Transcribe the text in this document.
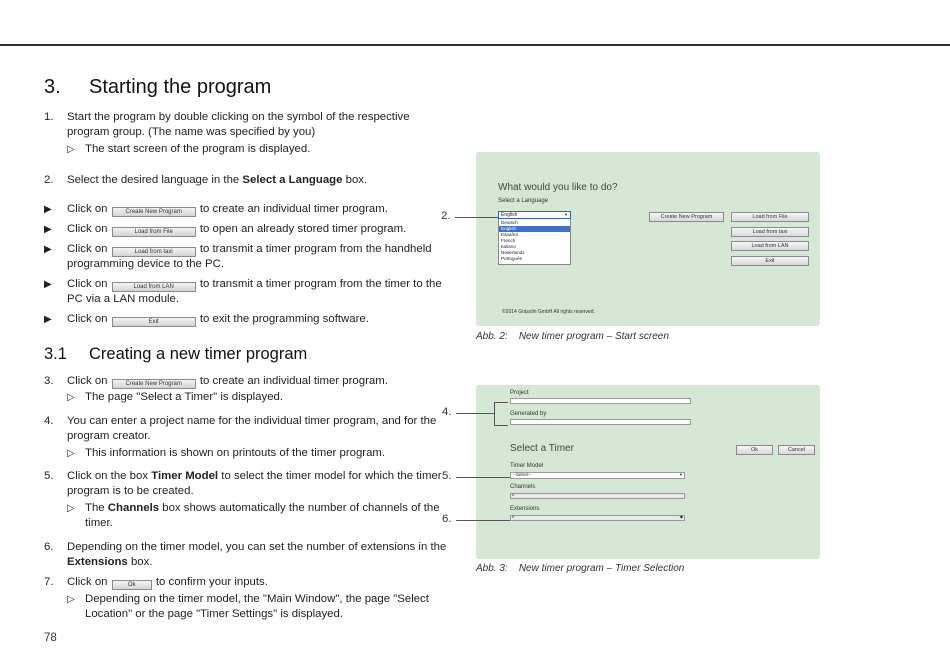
3. Starting the program
1. Start the program by double clicking on the symbol of the respective
program group. (The name was specified by you)
▷ The start screen of the program is displayed.
2. Select the desired language in the Select a Language box.
▶ Click on Create New Program to create an individual timer program.
▶ Click on	Load from File to open an already stored timer program.
▶ Click on	Load from taxi to transmit a timer program from the handheld
programming device to the PC.
▶ Click on	Load from LAN to transmit a timer program from the timer to the
PC via a LAN module.
▶ Click on	Exit	to exit the programming software.
3.1 Creating a new timer program
3. Click on Create New Program to create an individual timer program.
▷ The page "Select a Timer" is displayed.
4. You can enter a project name for the individual timer program, and for the
program creator.
▷ This information is shown on printouts of the timer program.
5. Click on the box Timer Model to select the timer model for which the timer
program is to be created.
▷ The Channels box shows automatically the number of channels of the
timer.
6. Depending on the timer model, you can set the number of extensions in the
Extensions box.
7. Click on	Ok to confirm your inputs.
▷ Depending on the timer model, the "Main Window", the page "Select
Location" or the page "Timer Settings" is displayed.
78
What would you like to do?
Select a Language
English	▼
Deutsch
English
Español
French
Italiano
Nederlands
Português
Create New Program	Load from File
Load from taxi
Load from LAN
Exit
©2014 Grässlin GmbH All rights reserved.
2.
Abb. 2: New timer program – Start screen
Project
Generated by
Select a Timer	Ok	Cancel
Timer Model
--Select--	▼
Channels
0
Extensions
0	◆
4.
5.
6.
Abb. 3: New timer program – Timer Selection
